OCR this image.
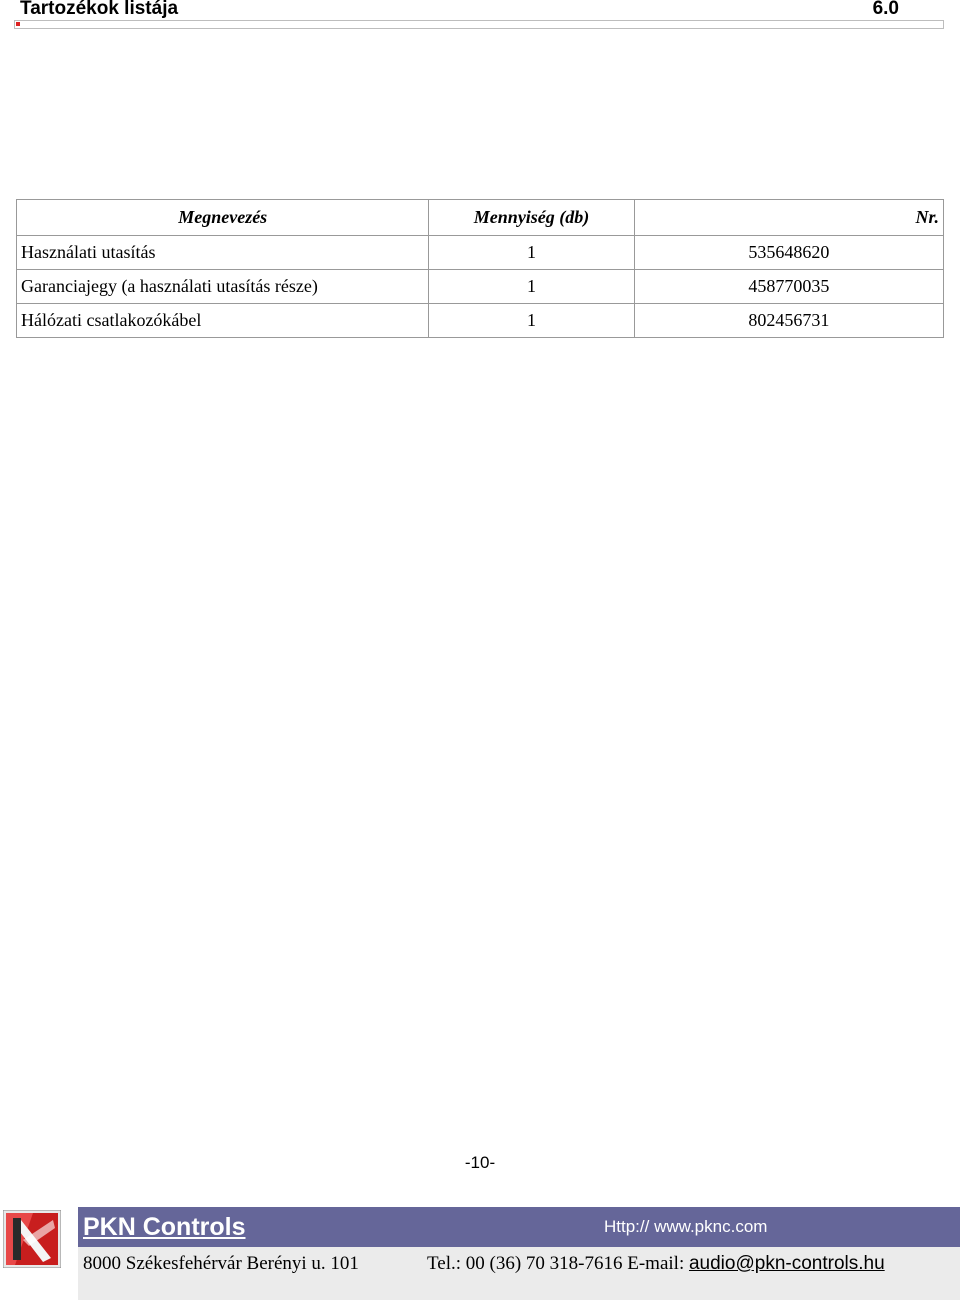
Tartozékok listája	6.0
Megnevezés	Mennyiség (db)	Nr.
Használati utasítás	1	535648620
Garanciajegy (a használati utasítás része)	1	458770035
Hálózati csatlakozókábel	1	802456731
-10-
PKN Controls	Http:// www.pknc.com
8000 Székesfehérvár Berényi u. 101	Tel.: 00 (36) 70 318-7616 E-mail: audio@pkn-controls.hu
